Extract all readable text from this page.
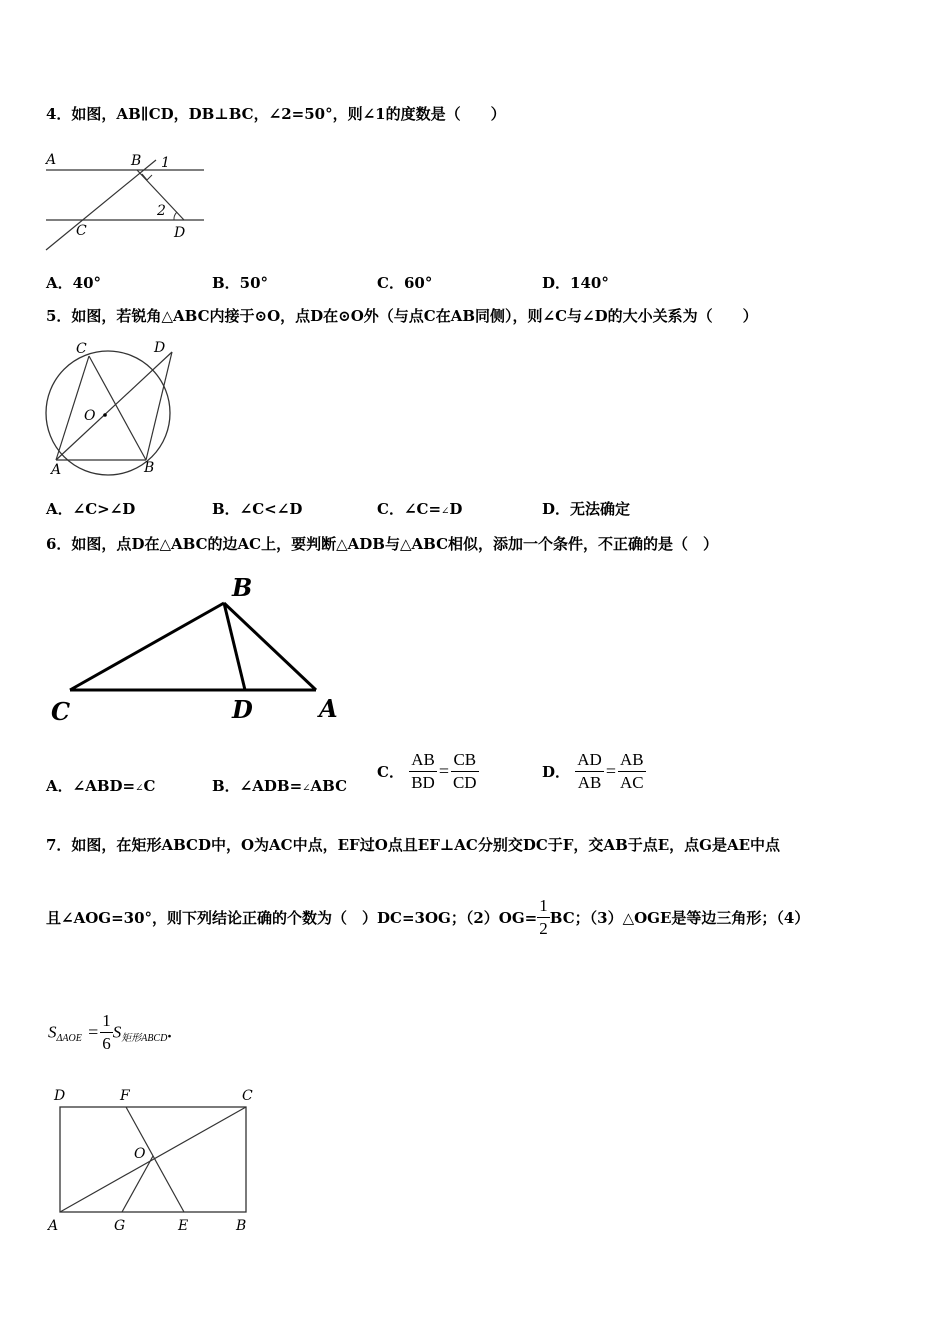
4．如图，AB∥CD，DB⊥BC，∠2=50°，则∠1的度数是（　　）
A	B 1
2
C	D
A．40°	B．50°	C．60°	D．140°
5．如图，若锐角△ABC内接于⊙O，点D在⊙O外（与点C在AB同侧），则∠C与∠D的大小关系为（　　）
C	D
O
A	B
A．∠C>∠D	B．∠C<∠D	C．∠C=∠D	D．无法确定
6．如图，点D在△ABC的边AC上，要判断△ADB与△ABC相似，添加一个条件，不正确的是（　）
B
C	D	A
A．∠ABD=∠C	B．∠ADB=∠ABC
C． $\frac{AB}{BD} = \frac{CB}{CD}$	D． $\frac{AD}{AB} = \frac{AB}{AC}$
7．如图，在矩形ABCD中，O为AC中点，EF过O点且EF⊥AC分别交DC于F，交AB于点E，点G是AE中点
且∠AOG=30°，则下列结论正确的个数为（　）DC=3OG；$(2)OG= \frac{1}{2}$ BC；（3）△OGE是等边三角形；（4）
$S_{\Delta AOE} = \frac{1}{6} S_{矩形ABCD}$.
D	F	C
O
A	G	E	B
